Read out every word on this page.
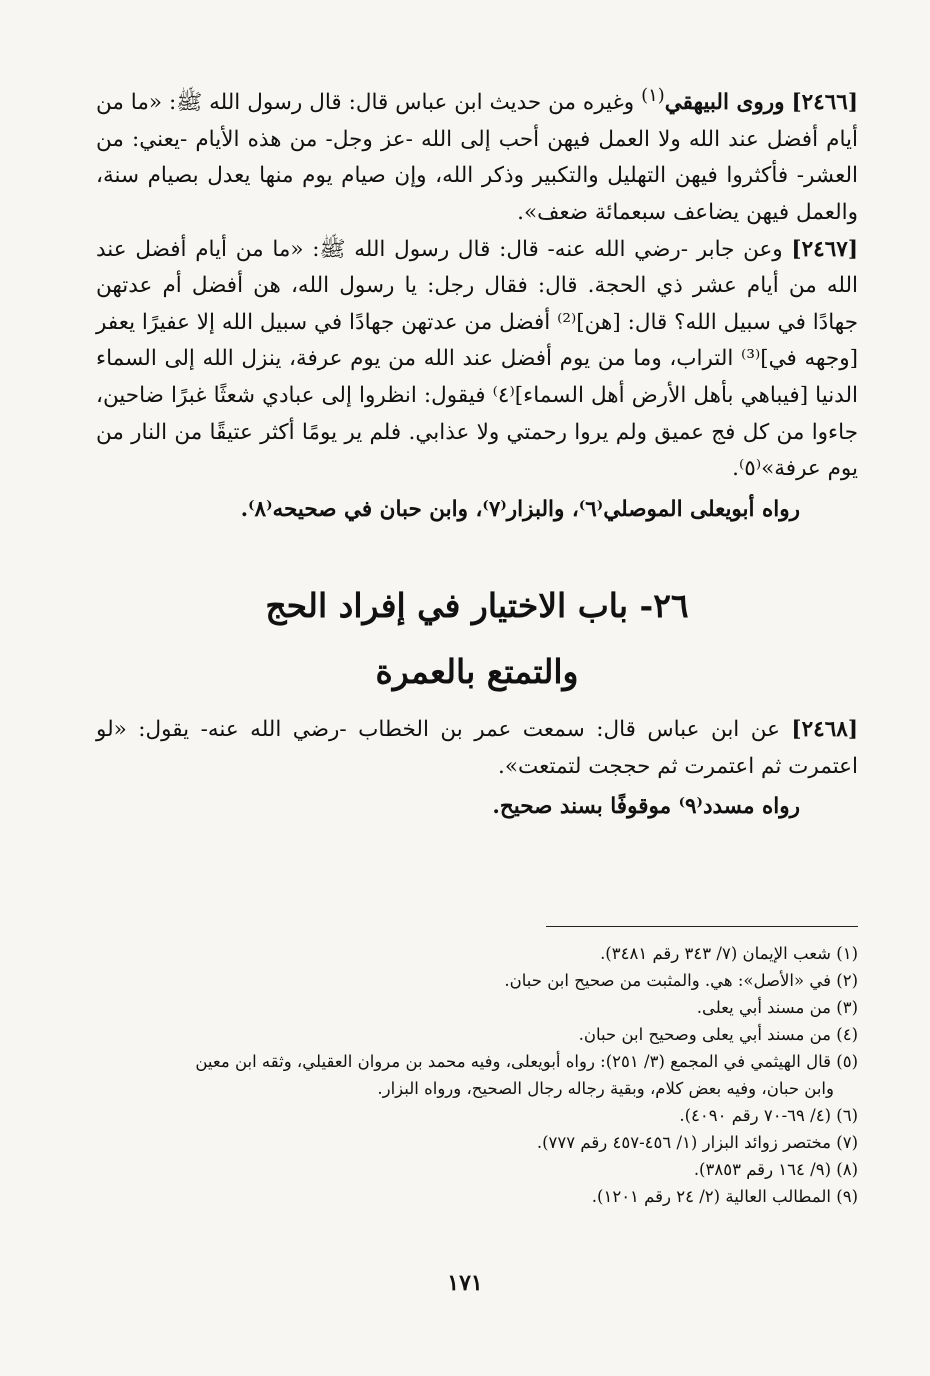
[٢٤٦٦] وروى البيهقي$^{(١)}$ وغيره من حديث ابن عباس قال: قال رسول الله ﷺ: «ما من أيام أفضل عند الله ولا العمل فيهن أحب إلى الله -عز وجل- من هذه الأيام -يعني: من العشر- فأكثروا فيهن التهليل والتكبير وذكر الله، وإن صيام يوم منها يعدل بصيام سنة، والعمل فيهن يضاعف سبعمائة ضعف».

[٢٤٦٧] وعن جابر -رضي الله عنه- قال: قال رسول الله ﷺ: «ما من أيام أفضل عند الله من أيام عشر ذي الحجة. قال: فقال رجل: يا رسول الله، هن أفضل أم عدتهن جهادًا في سبيل الله؟ قال: [هن]⁽²⁾ أفضل من عدتهن جهادًا في سبيل الله إلا عفيرًا يعفر [وجهه في]⁽³⁾ التراب، وما من يوم أفضل عند الله من يوم عرفة، ينزل الله إلى السماء الدنيا [فيباهي بأهل الأرض أهل السماء]⁽٤⁾ فيقول: انظروا إلى عبادي شعثًا غبرًا ضاحين، جاءوا من كل فج عميق ولم يروا رحمتي ولا عذابي. فلم ير يومًا أكثر عتيقًا من النار من يوم عرفة»⁽٥⁾.

رواه أبويعلى الموصلي⁽٦⁾، والبزار⁽٧⁾، وابن حبان في صحيحه⁽٨⁾.

٢٦- باب الاختيار في إفراد الحج
والتمتع بالعمرة

[٢٤٦٨] عن ابن عباس قال: سمعت عمر بن الخطاب -رضي الله عنه- يقول: «لو اعتمرت ثم اعتمرت ثم حججت لتمتعت».

رواه مسدد⁽٩⁾ موقوفًا بسند صحيح.

(١) شعب الإيمان (٧/ ٣٤٣ رقم ٣٤٨١).

(٢) في «الأصل»: هي. والمثبت من صحيح ابن حبان.

(٣) من مسند أبي يعلى.

(٤) من مسند أبي يعلى وصحيح ابن حبان.

(٥) قال الهيثمي في المجمع (٣/ ٢٥١): رواه أبويعلى، وفيه محمد بن مروان العقيلي، وثقه ابن معين

وابن حبان، وفيه بعض كلام، وبقية رجاله رجال الصحيح، ورواه البزار.

(٦) (٤/ ٦٩-٧٠ رقم ٤٠٩٠).

(٧) مختصر زوائد البزار (١/ ٤٥٦-٤٥٧ رقم ٧٧٧).

(٨) (٩/ ١٦٤ رقم ٣٨٥٣).

(٩) المطالب العالية (٢/ ٢٤ رقم ١٢٠١).

١٧١
